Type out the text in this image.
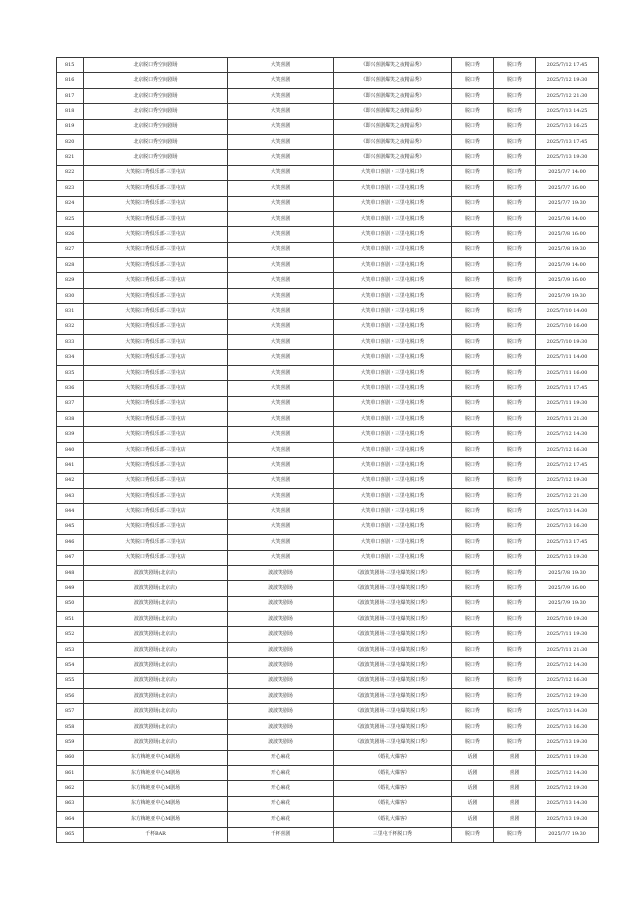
815	北京脱口秀空间剧场	大笑喜剧	《即兴喜剧爆笑之夜精品秀》	脱口秀	脱口秀	2025/7/12 17:45
816	北京脱口秀空间剧场	大笑喜剧	《即兴喜剧爆笑之夜精品秀》	脱口秀	脱口秀	2025/7/12 19:30
817	北京脱口秀空间剧场	大笑喜剧	《即兴喜剧爆笑之夜精品秀》	脱口秀	脱口秀	2025/7/12 21:30
818	北京脱口秀空间剧场	大笑喜剧	《即兴喜剧爆笑之夜精品秀》	脱口秀	脱口秀	2025/7/13 14:25
819	北京脱口秀空间剧场	大笑喜剧	《即兴喜剧爆笑之夜精品秀》	脱口秀	脱口秀	2025/7/13 16:25
820	北京脱口秀空间剧场	大笑喜剧	《即兴喜剧爆笑之夜精品秀》	脱口秀	脱口秀	2025/7/13 17:45
821	北京脱口秀空间剧场	大笑喜剧	《即兴喜剧爆笑之夜精品秀》	脱口秀	脱口秀	2025/7/13 19:30
822	大笑脱口秀俱乐部-三里屯店	大笑喜剧	大笑单口喜剧・三里屯脱口秀	脱口秀	脱口秀	2025/7/7 14:00
823	大笑脱口秀俱乐部-三里屯店	大笑喜剧	大笑单口喜剧・三里屯脱口秀	脱口秀	脱口秀	2025/7/7 16:00
824	大笑脱口秀俱乐部-三里屯店	大笑喜剧	大笑单口喜剧・三里屯脱口秀	脱口秀	脱口秀	2025/7/7 19:30
825	大笑脱口秀俱乐部-三里屯店	大笑喜剧	大笑单口喜剧・三里屯脱口秀	脱口秀	脱口秀	2025/7/8 14:00
826	大笑脱口秀俱乐部-三里屯店	大笑喜剧	大笑单口喜剧・三里屯脱口秀	脱口秀	脱口秀	2025/7/8 16:00
827	大笑脱口秀俱乐部-三里屯店	大笑喜剧	大笑单口喜剧・三里屯脱口秀	脱口秀	脱口秀	2025/7/8 19:30
828	大笑脱口秀俱乐部-三里屯店	大笑喜剧	大笑单口喜剧・三里屯脱口秀	脱口秀	脱口秀	2025/7/9 14:00
829	大笑脱口秀俱乐部-三里屯店	大笑喜剧	大笑单口喜剧・三里屯脱口秀	脱口秀	脱口秀	2025/7/9 16:00
830	大笑脱口秀俱乐部-三里屯店	大笑喜剧	大笑单口喜剧・三里屯脱口秀	脱口秀	脱口秀	2025/7/9 19:30
831	大笑脱口秀俱乐部-三里屯店	大笑喜剧	大笑单口喜剧・三里屯脱口秀	脱口秀	脱口秀	2025/7/10 14:00
832	大笑脱口秀俱乐部-三里屯店	大笑喜剧	大笑单口喜剧・三里屯脱口秀	脱口秀	脱口秀	2025/7/10 16:00
833	大笑脱口秀俱乐部-三里屯店	大笑喜剧	大笑单口喜剧・三里屯脱口秀	脱口秀	脱口秀	2025/7/10 19:30
834	大笑脱口秀俱乐部-三里屯店	大笑喜剧	大笑单口喜剧・三里屯脱口秀	脱口秀	脱口秀	2025/7/11 14:00
835	大笑脱口秀俱乐部-三里屯店	大笑喜剧	大笑单口喜剧・三里屯脱口秀	脱口秀	脱口秀	2025/7/11 16:00
836	大笑脱口秀俱乐部-三里屯店	大笑喜剧	大笑单口喜剧・三里屯脱口秀	脱口秀	脱口秀	2025/7/11 17:45
837	大笑脱口秀俱乐部-三里屯店	大笑喜剧	大笑单口喜剧・三里屯脱口秀	脱口秀	脱口秀	2025/7/11 19:30
838	大笑脱口秀俱乐部-三里屯店	大笑喜剧	大笑单口喜剧・三里屯脱口秀	脱口秀	脱口秀	2025/7/11 21:30
839	大笑脱口秀俱乐部-三里屯店	大笑喜剧	大笑单口喜剧・三里屯脱口秀	脱口秀	脱口秀	2025/7/12 14:30
840	大笑脱口秀俱乐部-三里屯店	大笑喜剧	大笑单口喜剧・三里屯脱口秀	脱口秀	脱口秀	2025/7/12 16:30
841	大笑脱口秀俱乐部-三里屯店	大笑喜剧	大笑单口喜剧・三里屯脱口秀	脱口秀	脱口秀	2025/7/12 17:45
842	大笑脱口秀俱乐部-三里屯店	大笑喜剧	大笑单口喜剧・三里屯脱口秀	脱口秀	脱口秀	2025/7/12 19:30
843	大笑脱口秀俱乐部-三里屯店	大笑喜剧	大笑单口喜剧・三里屯脱口秀	脱口秀	脱口秀	2025/7/12 21:30
844	大笑脱口秀俱乐部-三里屯店	大笑喜剧	大笑单口喜剧・三里屯脱口秀	脱口秀	脱口秀	2025/7/13 14:30
845	大笑脱口秀俱乐部-三里屯店	大笑喜剧	大笑单口喜剧・三里屯脱口秀	脱口秀	脱口秀	2025/7/13 16:30
846	大笑脱口秀俱乐部-三里屯店	大笑喜剧	大笑单口喜剧・三里屯脱口秀	脱口秀	脱口秀	2025/7/13 17:45
847	大笑脱口秀俱乐部-三里屯店	大笑喜剧	大笑单口喜剧・三里屯脱口秀	脱口秀	脱口秀	2025/7/13 19:30
848	波波笑剧场(北京店)	波波笑剧场	《波波笑剧场-三里屯爆笑脱口秀》	脱口秀	脱口秀	2025/7/8 19:30
849	波波笑剧场(北京店)	波波笑剧场	《波波笑剧场-三里屯爆笑脱口秀》	脱口秀	脱口秀	2025/7/9 16:00
850	波波笑剧场(北京店)	波波笑剧场	《波波笑剧场-三里屯爆笑脱口秀》	脱口秀	脱口秀	2025/7/9 19:30
851	波波笑剧场(北京店)	波波笑剧场	《波波笑剧场-三里屯爆笑脱口秀》	脱口秀	脱口秀	2025/7/10 19:30
852	波波笑剧场(北京店)	波波笑剧场	《波波笑剧场-三里屯爆笑脱口秀》	脱口秀	脱口秀	2025/7/11 19:30
853	波波笑剧场(北京店)	波波笑剧场	《波波笑剧场-三里屯爆笑脱口秀》	脱口秀	脱口秀	2025/7/11 21:30
854	波波笑剧场(北京店)	波波笑剧场	《波波笑剧场-三里屯爆笑脱口秀》	脱口秀	脱口秀	2025/7/12 14:30
855	波波笑剧场(北京店)	波波笑剧场	《波波笑剧场-三里屯爆笑脱口秀》	脱口秀	脱口秀	2025/7/12 16:30
856	波波笑剧场(北京店)	波波笑剧场	《波波笑剧场-三里屯爆笑脱口秀》	脱口秀	脱口秀	2025/7/12 19:30
857	波波笑剧场(北京店)	波波笑剧场	《波波笑剧场-三里屯爆笑脱口秀》	脱口秀	脱口秀	2025/7/13 14:30
858	波波笑剧场(北京店)	波波笑剧场	《波波笑剧场-三里屯爆笑脱口秀》	脱口秀	脱口秀	2025/7/13 16:30
859	波波笑剧场(北京店)	波波笑剧场	《波波笑剧场-三里屯爆笑脱口秀》	脱口秀	脱口秀	2025/7/13 19:30
860	东方梅地亚中心M剧场	开心麻花	《婚礼大爆客》	话剧	喜剧	2025/7/11 19:30
861	东方梅地亚中心M剧场	开心麻花	《婚礼大爆客》	话剧	喜剧	2025/7/12 14:30
862	东方梅地亚中心M剧场	开心麻花	《婚礼大爆客》	话剧	喜剧	2025/7/12 19:30
863	东方梅地亚中心M剧场	开心麻花	《婚礼大爆客》	话剧	喜剧	2025/7/13 14:30
864	东方梅地亚中心M剧场	开心麻花	《婚礼大爆客》	话剧	喜剧	2025/7/13 19:30
865	千杯BAR	千杯喜剧	三里屯千杯脱口秀	脱口秀	脱口秀	2025/7/7 19:30
